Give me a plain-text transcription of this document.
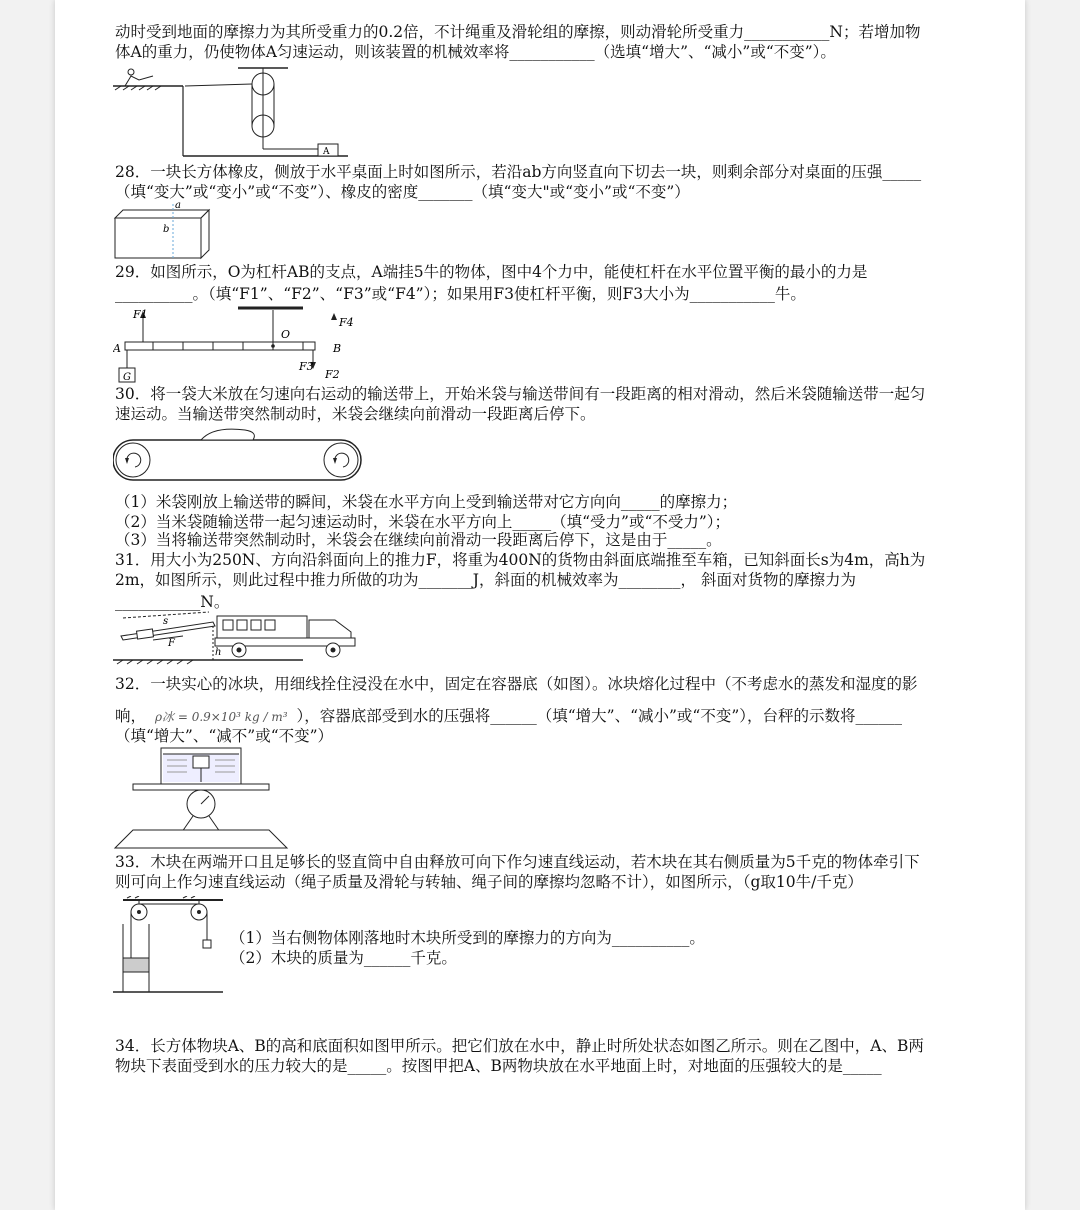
动时受到地面的摩擦力为其所受重力的0.2倍，不计绳重及滑轮组的摩擦，则动滑轮所受重力___________N；若增加物
体A的重力，仍使物体A匀速运动，则该装置的机械效率将___________（选填“增大”、“减小”或“不变”）。
A
28．一块长方体橡皮，侧放于水平桌面上时如图所示，若沿ab方向竖直向下切去一块，则剩余部分对桌面的压强_____
（填“变大”或“变小”或“不变”）、橡皮的密度_______（填“变大"或“变小”或“不变”）
a
b
29．如图所示，O为杠杆AB的支点，A端挂5牛的物体，图中4个力中，能使杠杆在水平位置平衡的最小的力是
__________。（填“F1”、“F2”、“F3”或“F4”）；如果用F3使杠杆平衡，则F3大小为___________牛。
F1
O
A
F3
G
F4
B
F2
30．将一袋大米放在匀速向右运动的输送带上，开始米袋与输送带间有一段距离的相对滑动，然后米袋随输送带一起匀
速运动。当输送带突然制动时，米袋会继续向前滑动一段距离后停下。
（1）米袋刚放上输送带的瞬间，米袋在水平方向上受到输送带对它方向向_____的摩擦力；
（2）当米袋随输送带一起匀速运动时，米袋在水平方向上_____（填“受力”或“不受力”）；
（3）当将输送带突然制动时，米袋会在继续向前滑动一段距离后停下，这是由于_____。
31．用大小为250N、方向沿斜面向上的推力F，将重为400N的货物由斜面底端推至车箱，已知斜面长s为4m，高h为
2m，如图所示，则此过程中推力所做的功为_______J，斜面的机械效率为________， 斜面对货物的摩擦力为
___________N。
s
F
h
32．一块实心的冰块，用细线拴住浸没在水中，固定在容器底（如图）。冰块熔化过程中（不考虑水的蒸发和湿度的影
响， ρ冰 = 0.9×10³ kg / m³ ），容器底部受到水的压强将______（填“增大”、“减小”或“不变”），台秤的示数将______
（填“增大”、“减不”或“不变”）
33．木块在两端开口且足够长的竖直筒中自由释放可向下作匀速直线运动，若木块在其右侧质量为5千克的物体牵引下
则可向上作匀速直线运动（绳子质量及滑轮与转轴、绳子间的摩擦均忽略不计），如图所示，（g取10牛/千克）
（1）当右侧物体刚落地时木块所受到的摩擦力的方向为__________。
（2）木块的质量为______千克。
34．长方体物块A、B的高和底面积如图甲所示。把它们放在水中，静止时所处状态如图乙所示。则在乙图中，A、B两
物块下表面受到水的压力较大的是_____。按图甲把A、B两物块放在水平地面上时，对地面的压强较大的是_____
